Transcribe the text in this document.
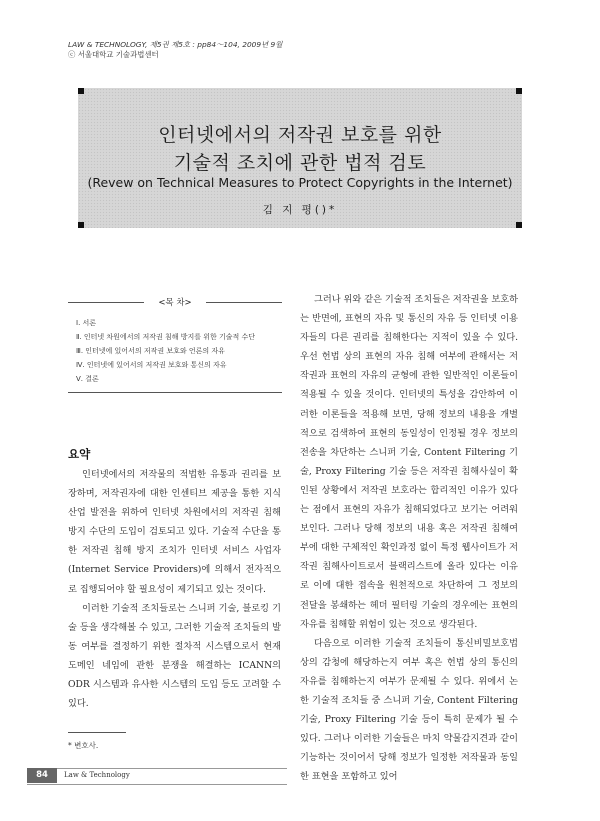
LAW & TECHNOLOGY, 제5권 제5호 : pp84～104, 2009년 9월
ⓒ 서울대학교 기술과법센터
인터넷에서의 저작권 보호를 위한
기술적 조치에 관한 법적 검토
(Revew on Technical Measures to Protect Copyrights in the Internet)
김 지 평()*
<목 차>
Ⅰ. 서론
Ⅱ. 인터넷 차원에서의 저작권 침해 방지를 위한 기술적 수단
Ⅲ. 인터넷에 있어서의 저작권 보호와 언론의 자유
Ⅳ. 인터넷에 있어서의 저작권 보호와 통신의 자유
Ⅴ. 결론
요약

인터넷에서의 저작물의 적법한 유통과 권리를 보장하며, 저작권자에 대한 인센티브 제공을 통한 지식산업 발전을 위하여 인터넷 차원에서의 저작권 침해 방지 수단의 도입이 검토되고 있다. 기술적 수단을 통한 저작권 침해 방지 조치가 인터넷 서비스 사업자(Internet Service Providers)에 의해서 전자적으로 집행되어야 할 필요성이 제기되고 있는 것이다.

이러한 기술적 조치들로는 스니퍼 기술, 블로킹 기술 등을 생각해볼 수 있고, 그러한 기술적 조치들의 발동 여부를 결정하기 위한 절차적 시스템으로서 현재 도메인 네임에 관한 분쟁을 해결하는 ICANN의 ODR 시스템과 유사한 시스템의 도입 등도 고려할 수 있다.

그러나 위와 같은 기술적 조치들은 저작권을 보호하는 반면에, 표현의 자유 및 통신의 자유 등 인터넷 이용자들의 다른 권리를 침해한다는 지적이 있을 수 있다. 우선 헌법 상의 표현의 자유 침해 여부에 관해서는 저작권과 표현의 자유의 균형에 관한 일반적인 이론들이 적용될 수 있을 것이다. 인터넷의 특성을 감안하여 이러한 이론들을 적용해 보면, 당해 정보의 내용을 개별적으로 검색하여 표현의 동일성이 인정될 경우 정보의 전송을 차단하는 스니퍼 기술, Content Filtering 기술, Proxy Filtering 기술 등은 저작권 침해사실이 확인된 상황에서 저작권 보호라는 합리적인 이유가 있다는 점에서 표현의 자유가 침해되었다고 보기는 어려워 보인다. 그러나 당해 정보의 내용 혹은 저작권 침해여부에 대한 구체적인 확인과정 없이 특정 웹사이트가 저작권 침해사이트로서 블랙리스트에 올라 있다는 이유로 이에 대한 접속을 원천적으로 차단하여 그 정보의 전달을 봉쇄하는 헤더 필터링 기술의 경우에는 표현의 자유를 침해할 위험이 있는 것으로 생각된다.

다음으로 이러한 기술적 조치들이 통신비밀보호법 상의 감청에 해당하는지 여부 혹은 헌법 상의 통신의 자유를 침해하는지 여부가 문제될 수 있다. 위에서 논한 기술적 조치들 중 스니퍼 기술, Content Filtering 기술, Proxy Filtering 기술 등이 특히 문제가 될 수 있다. 그러나 이러한 기술들은 마치 약물감지견과 같이 기능하는 것이어서 당해 정보가 일정한 저작물과 동일한 표현을 포함하고 있어

* 변호사.
84	Law & Technology
